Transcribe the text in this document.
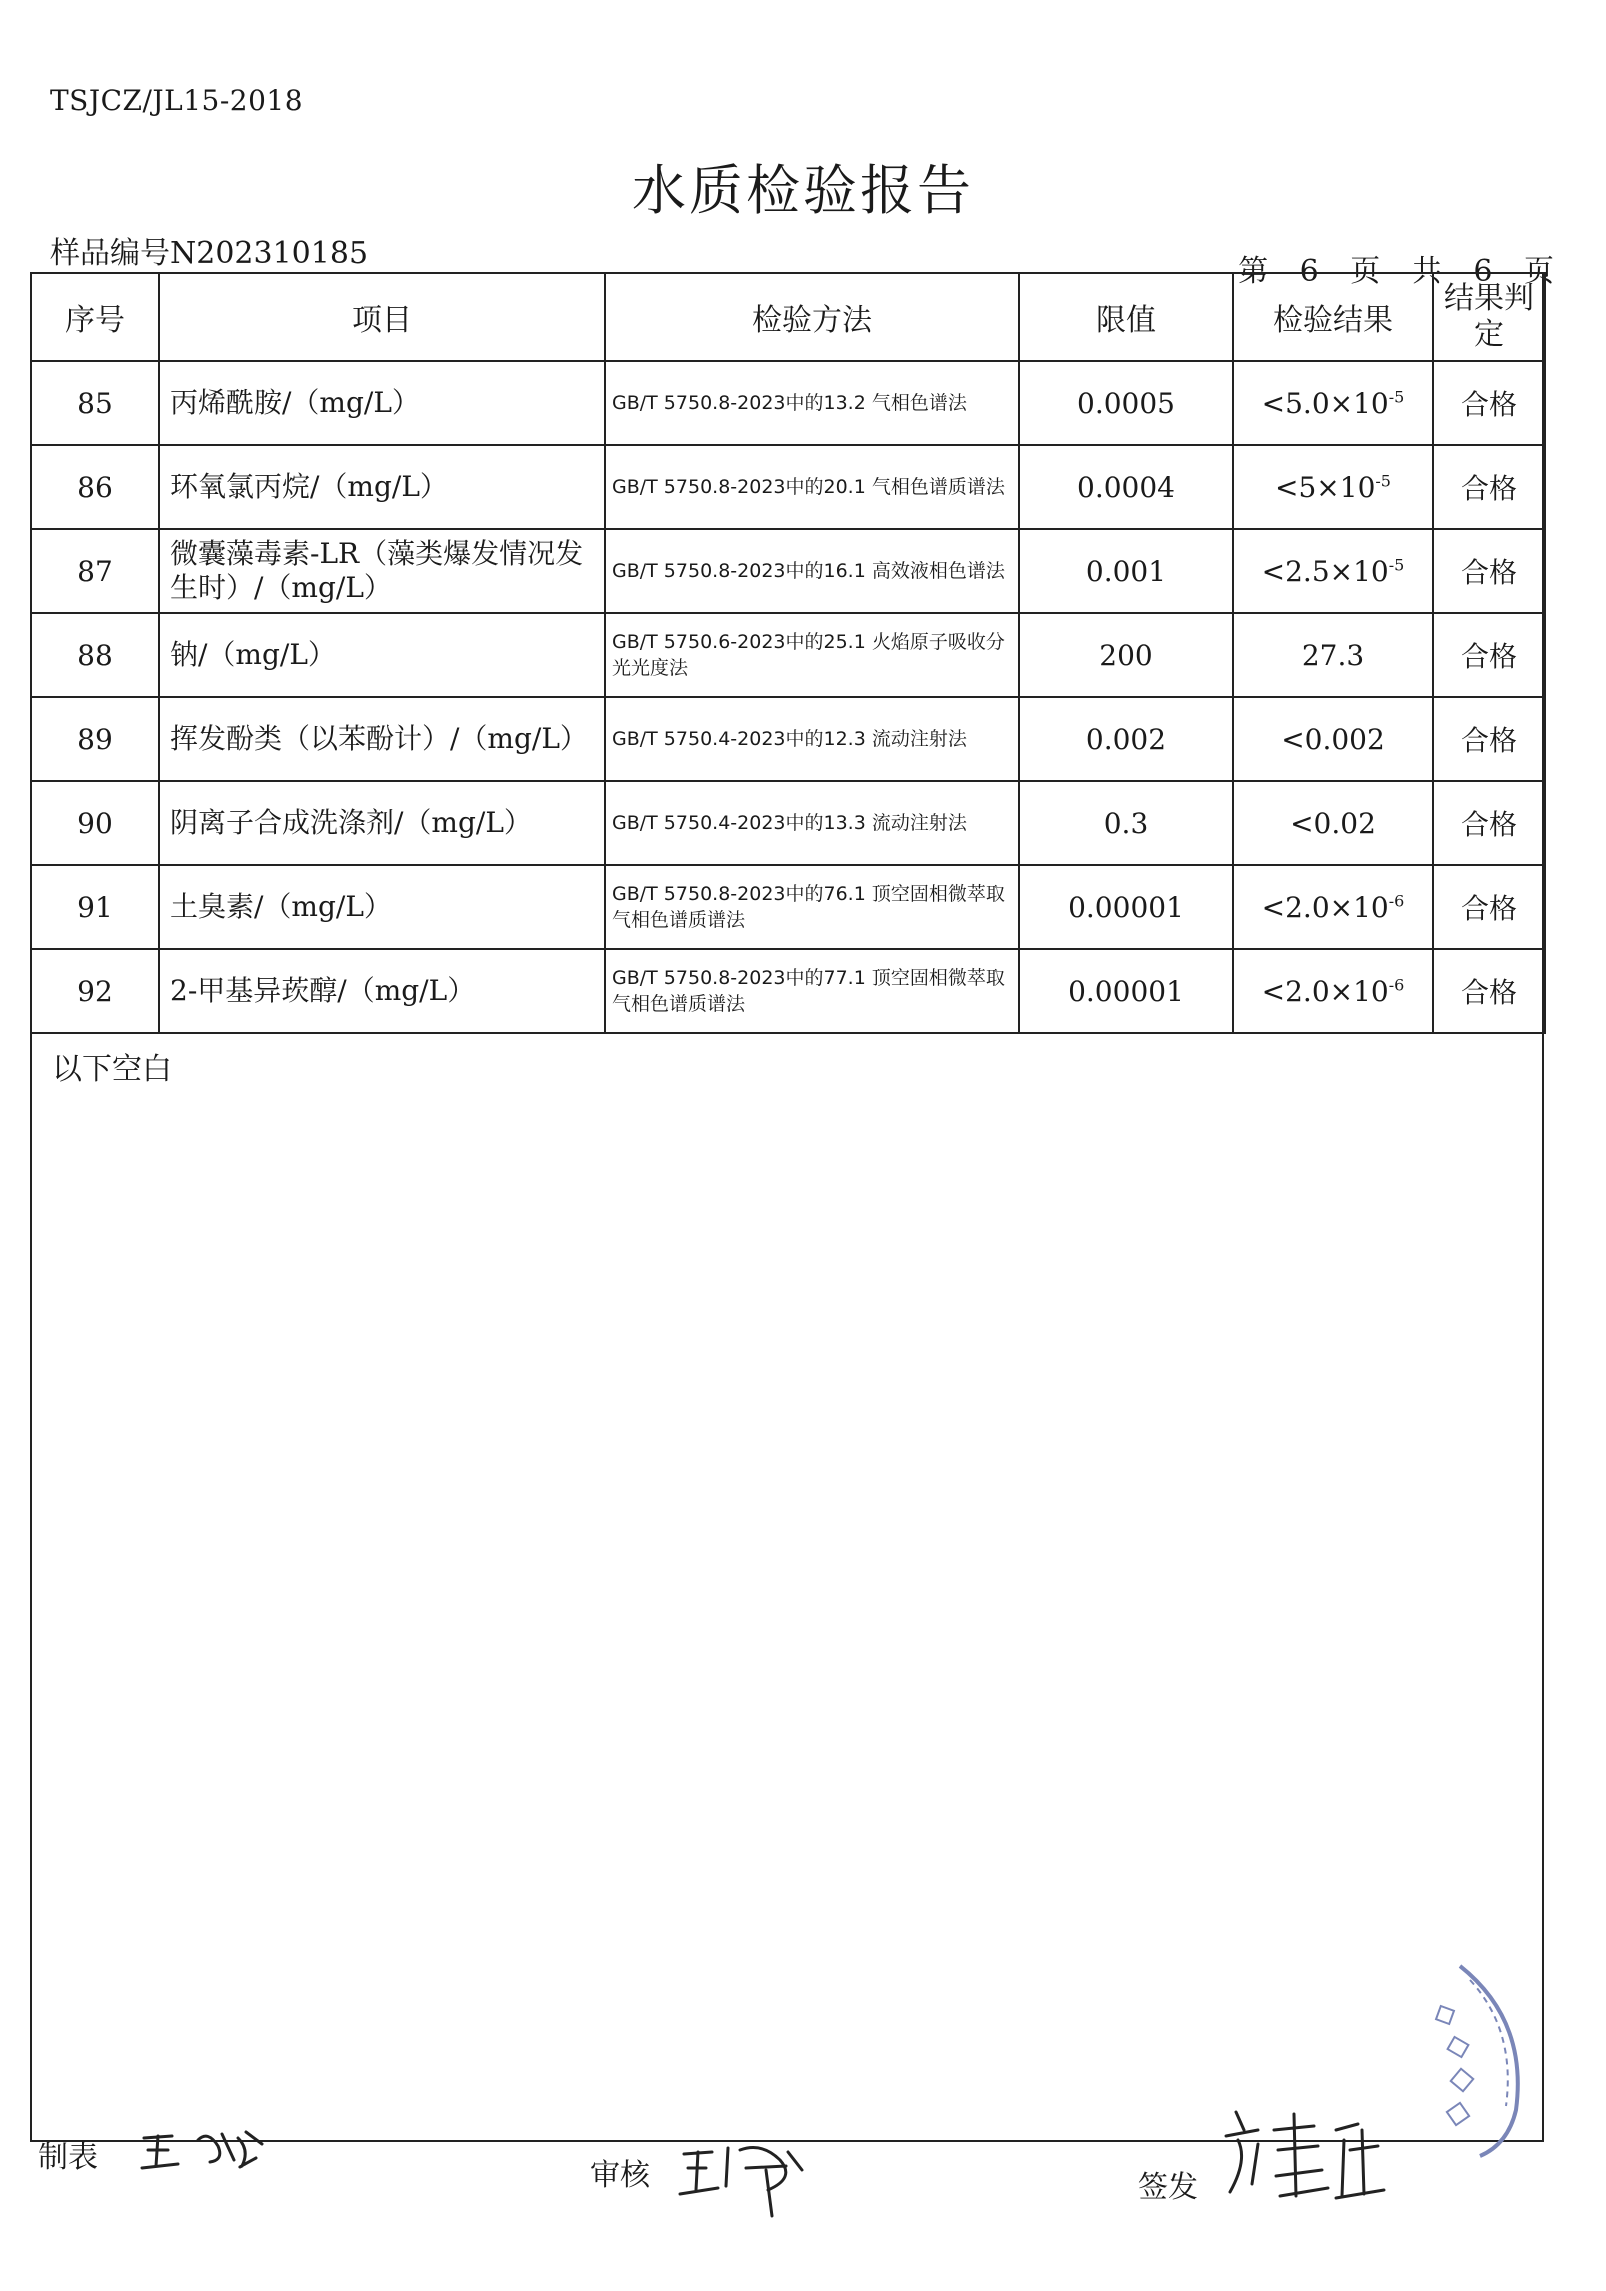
TSJCZ/JL15-2018
水质检验报告
样品编号N202310185
第 6 页 共 6 页
序号	项目	检验方法	限值	检验结果	结果判定
85	丙烯酰胺/（mg/L）	GB/T 5750.8-2023中的13.2 气相色谱法	0.0005	$<5.0\times 10^{-5}$	合格
86	环氧氯丙烷/（mg/L）	GB/T 5750.8-2023中的20.1 气相色谱质谱法	0.0004	$<5\times 10^{-5}$	合格
87	微囊藻毒素-LR（藻类爆发情况发生时）/（mg/L）	GB/T 5750.8-2023中的16.1 高效液相色谱法	0.001	$<2.5\times 10^{-5}$	合格
88	钠/（mg/L）	GB/T 5750.6-2023中的25.1 火焰原子吸收分光光度法	200	27.3	合格
89	挥发酚类（以苯酚计）/（mg/L）	GB/T 5750.4-2023中的12.3 流动注射法	0.002	<0.002	合格
90	阴离子合成洗涤剂/（mg/L）	GB/T 5750.4-2023中的13.3 流动注射法	0.3	<0.02	合格
91	土臭素/（mg/L）	GB/T 5750.8-2023中的76.1 顶空固相微萃取气相色谱质谱法	0.00001	$<2.0\times 10^{-6}$	合格
92	2-甲基异莰醇/（mg/L）	GB/T 5750.8-2023中的77.1 顶空固相微萃取气相色谱质谱法	0.00001	$<2.0\times 10^{-6}$	合格
以下空白
制表
审核	签发
